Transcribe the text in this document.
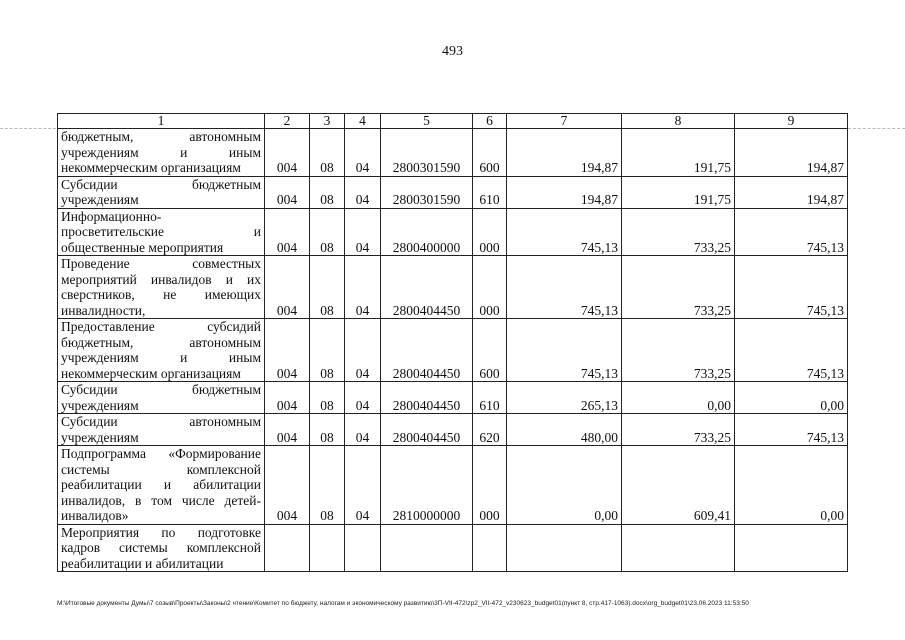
493
1	2	3	4	5	6	7	8	9

бюджетным, автономным
учреждениям и иным
некоммерческим организациям	004	08	04	2800301590	600	194,87	191,75	194,87

Субсидии бюджетным
учреждениям	004	08	04	2800301590	610	194,87	191,75	194,87

Информационно-
просветительские и
общественные мероприятия	004	08	04	2800400000	000	745,13	733,25	745,13

Проведение совместных
мероприятий инвалидов и их
сверстников, не имеющих
инвалидности,	004	08	04	2800404450	000	745,13	733,25	745,13

Предоставление субсидий
бюджетным, автономным
учреждениям и иным
некоммерческим организациям	004	08	04	2800404450	600	745,13	733,25	745,13

Субсидии бюджетным
учреждениям	004	08	04	2800404450	610	265,13	0,00	0,00

Субсидии автономным
учреждениям	004	08	04	2800404450	620	480,00	733,25	745,13

Подпрограмма «Формирование
системы комплексной
реабилитации и абилитации
инвалидов, в том числе детей-
инвалидов»	004	08	04	2810000000	000	0,00	609,41	0,00

Мероприятия по подготовке
кадров системы комплексной
реабилитации и абилитации								

M:\Итоговые документы Думы\7 созыв\Проекты\Законы\2 чтение\Комитет по бюджету, налогам и экономическому развитию\3П-VII-472\zp2_VII-472_v230623_budget01(пункт 8, стр.417-1063).docx\org_budget01\23.06.2023 11:53:50
